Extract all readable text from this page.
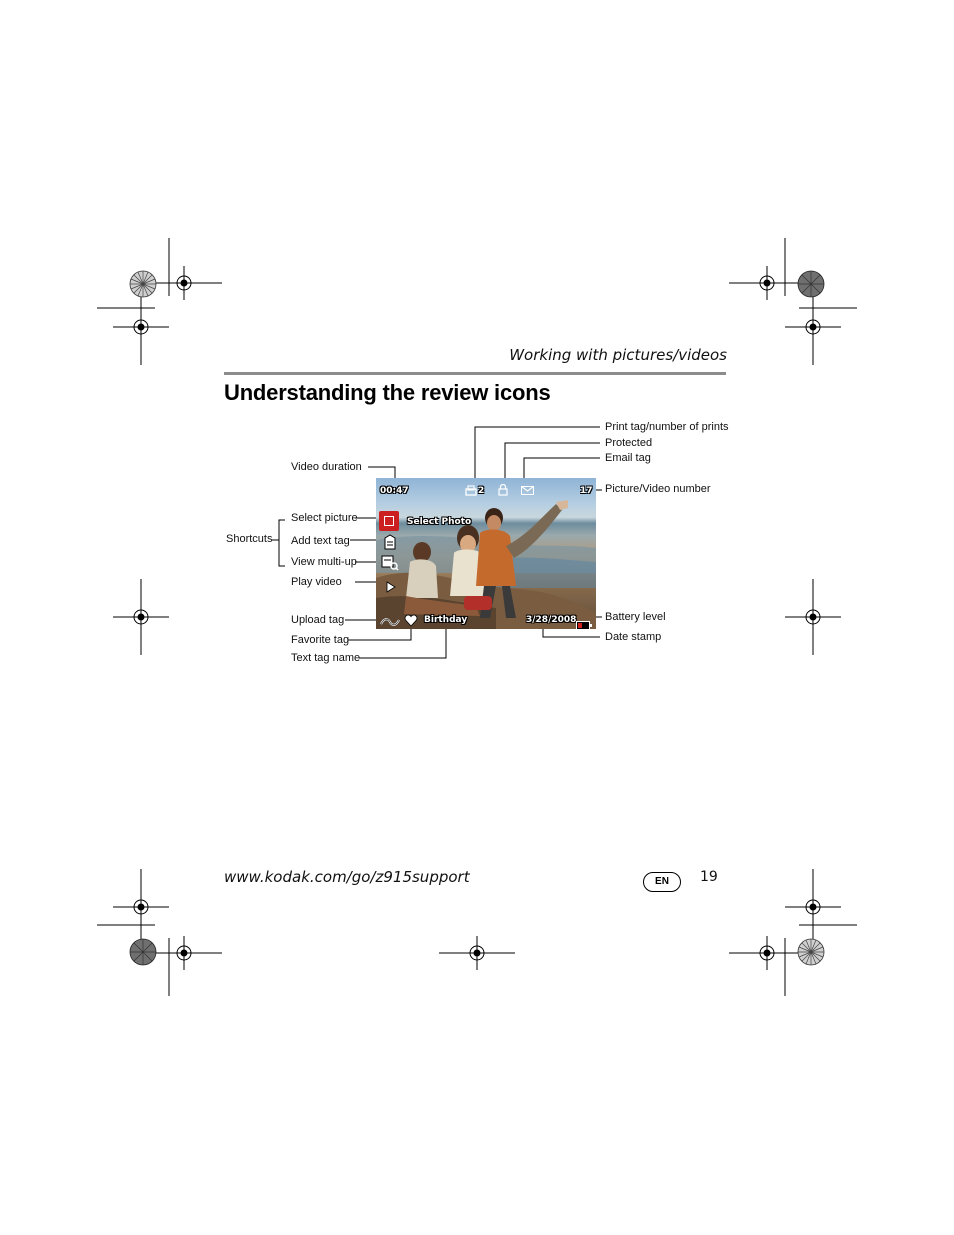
Working with pictures/videos
Understanding the review icons
Print tag/number of prints
Protected
Email tag
Video duration
Picture/Video number
Select picture
Shortcuts Add text tag
View multi-up
Play video
Upload tag
Favorite tag
Text tag name
Battery level
Date stamp
00:47	2	17
Select Photo
Birthday	3/28/2008
www.kodak.com/go/z915support	EN	19
